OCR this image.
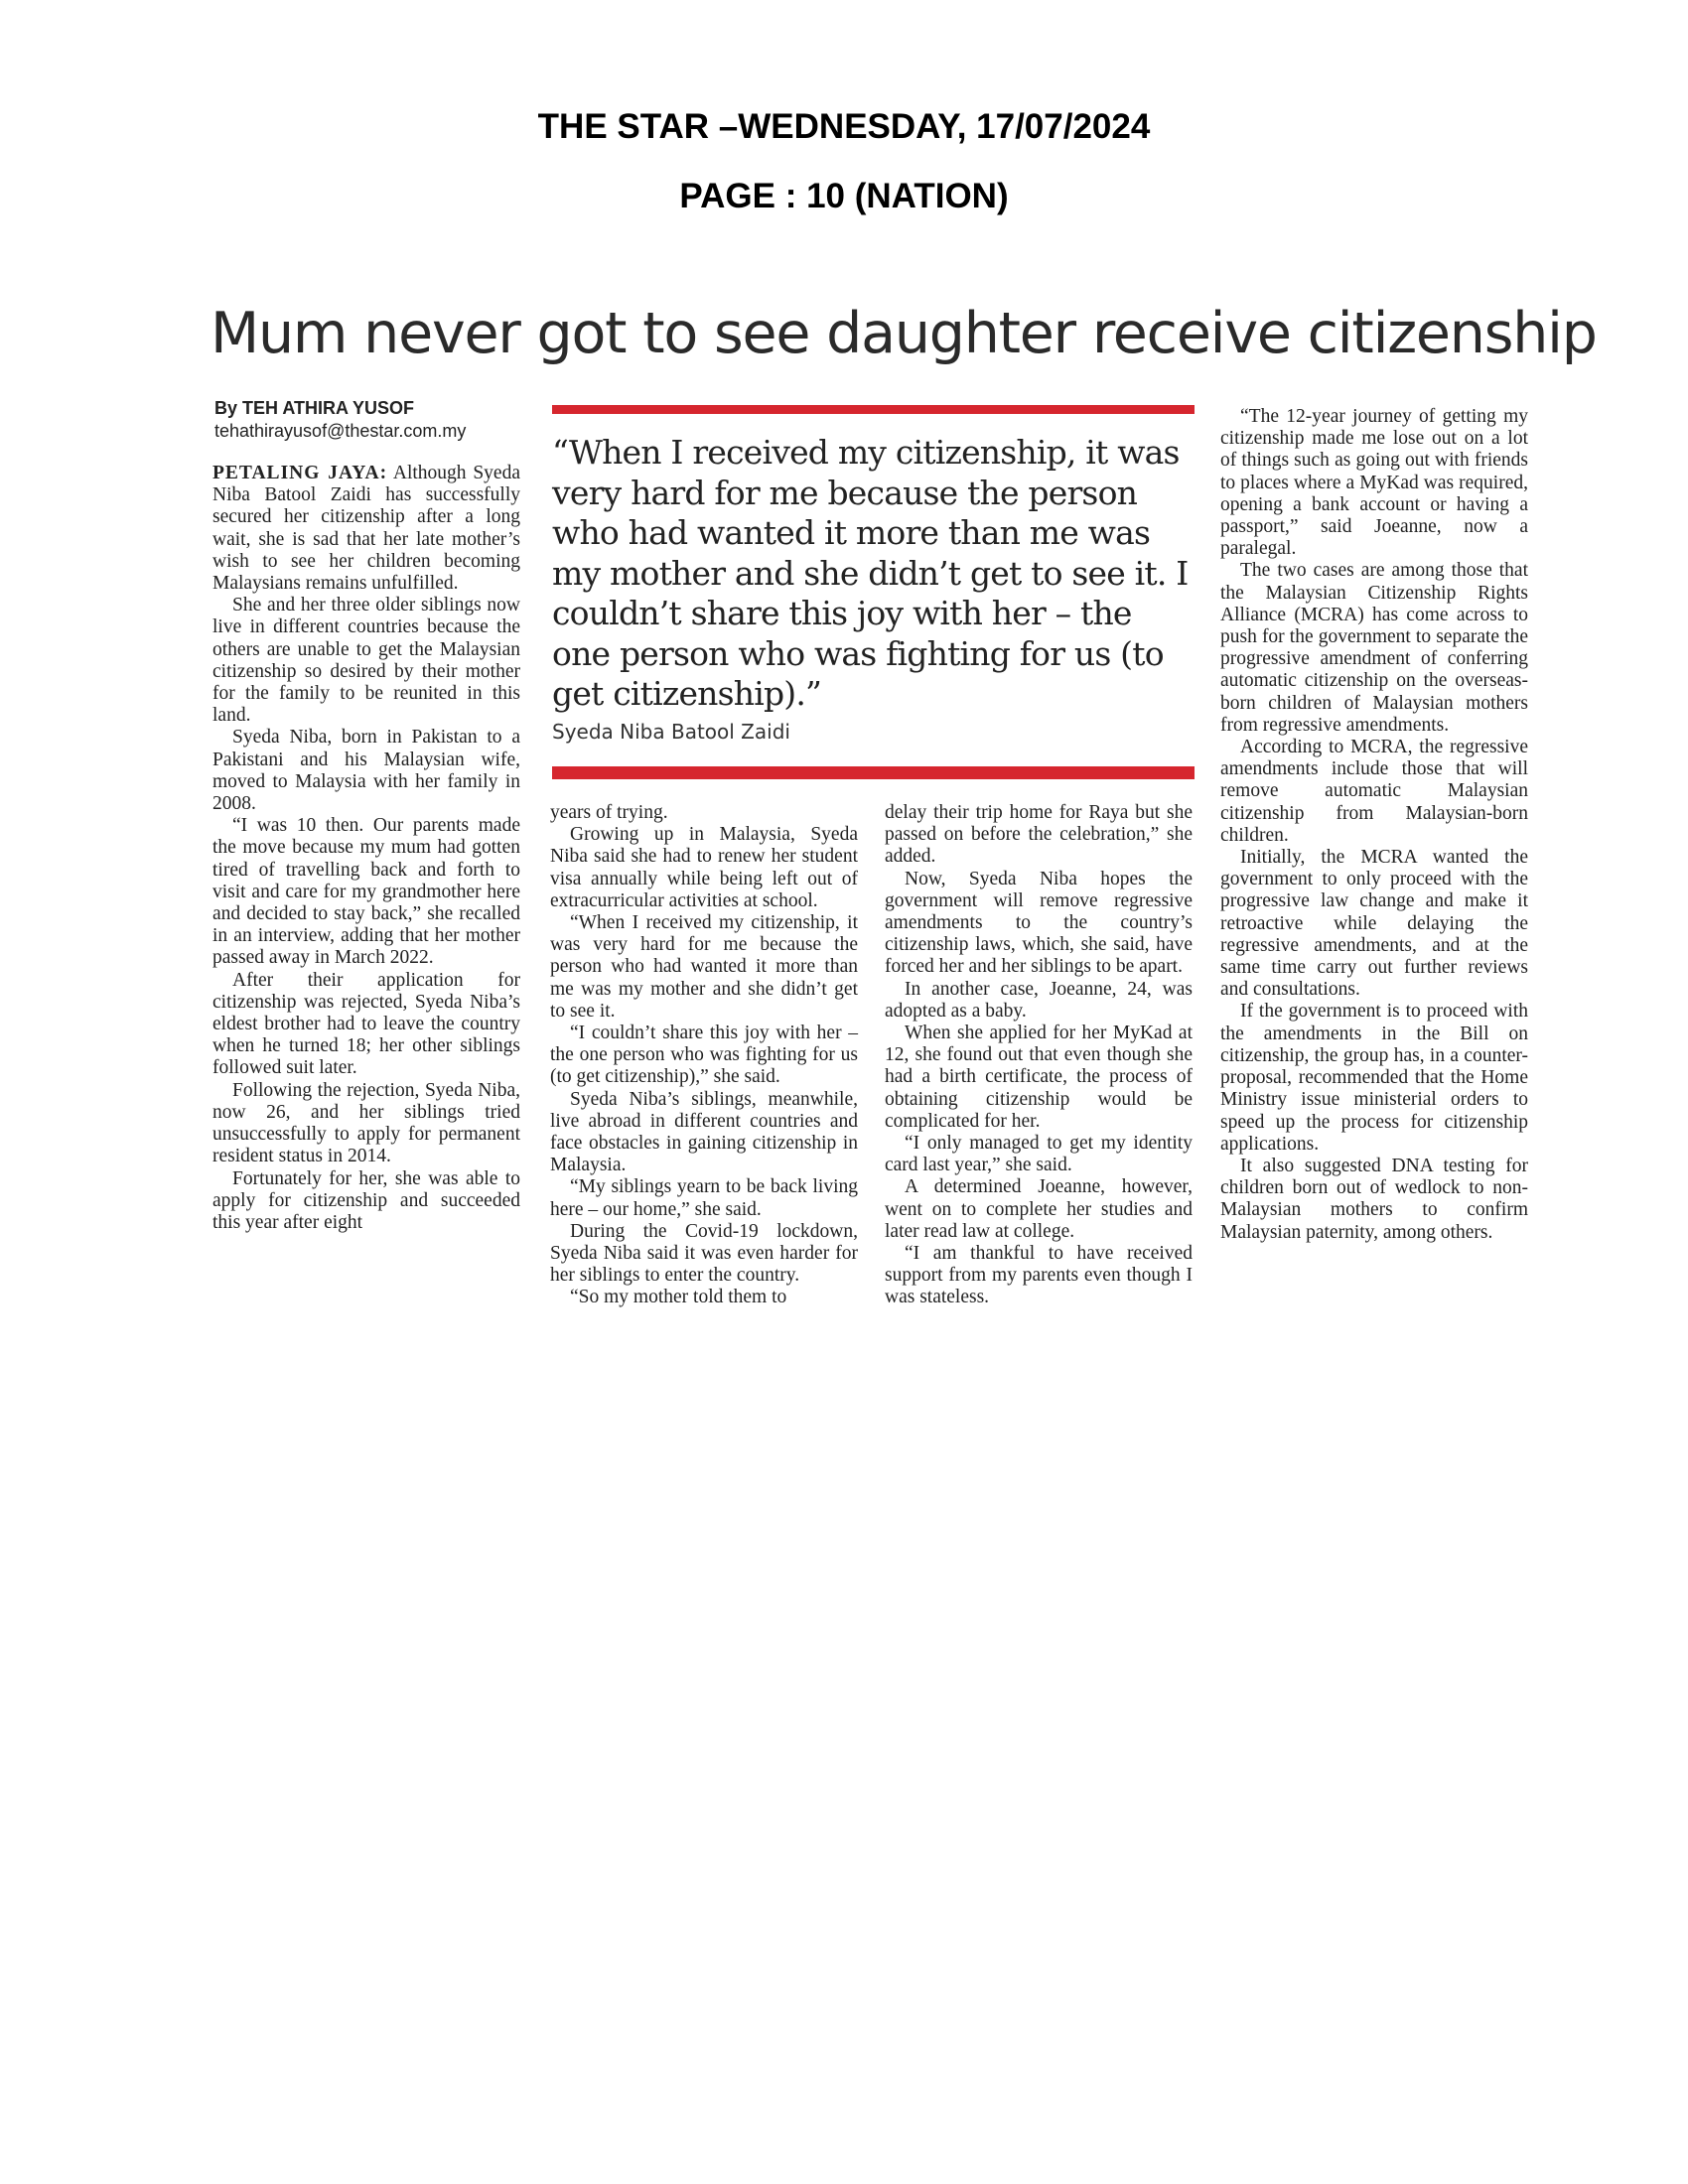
THE STAR –WEDNESDAY, 17/07/2024
PAGE : 10 (NATION)
Mum never got to see daughter receive citizenship
By TEH ATHIRA YUSOF
tehathirayusof@thestar.com.my

PETALING JAYA: Although Syeda Niba Batool Zaidi has successfully secured her citizenship after a long wait, she is sad that her late mother’s wish to see her children becoming Malaysians remains unfulfilled.

She and her three older siblings now live in different countries because the others are unable to get the Malaysian citizenship so desired by their mother for the family to be reunited in this land.

Syeda Niba, born in Pakistan to a Pakistani and his Malaysian wife, moved to Malaysia with her family in 2008.

“I was 10 then. Our parents made the move because my mum had gotten tired of travelling back and forth to visit and care for my grandmother here and decided to stay back,” she recalled in an interview, adding that her mother passed away in March 2022.

After their application for citizenship was rejected, Syeda Niba’s eldest brother had to leave the country when he turned 18; her other siblings followed suit later.

Following the rejection, Syeda Niba, now 26, and her siblings tried unsuccessfully to apply for permanent resident status in 2014.

Fortunately for her, she was able to apply for citizenship and succeeded this year after eight

“When I received my citizenship, it was very hard for me because the person who had wanted it more than me was my mother and she didn’t get to see it. I couldn’t share this joy with her – the one person who was fighting for us (to get citizenship).”
Syeda Niba Batool Zaidi

years of trying.

Growing up in Malaysia, Syeda Niba said she had to renew her student visa annually while being left out of extracurricular activities at school.

“When I received my citizenship, it was very hard for me because the person who had wanted it more than me was my mother and she didn’t get to see it.

“I couldn’t share this joy with her – the one person who was fighting for us (to get citizenship),” she said.

Syeda Niba’s siblings, meanwhile, live abroad in different countries and face obstacles in gaining citizenship in Malaysia.

“My siblings yearn to be back living here – our home,” she said.

During the Covid-19 lockdown, Syeda Niba said it was even harder for her siblings to enter the country.

“So my mother told them to

delay their trip home for Raya but she passed on before the celebration,” she added.

Now, Syeda Niba hopes the government will remove regressive amendments to the country’s citizenship laws, which, she said, have forced her and her siblings to be apart.

In another case, Joeanne, 24, was adopted as a baby.

When she applied for her MyKad at 12, she found out that even though she had a birth certificate, the process of obtaining citizenship would be complicated for her.

“I only managed to get my identity card last year,” she said.

A determined Joeanne, however, went on to complete her studies and later read law at college.

“I am thankful to have received support from my parents even though I was stateless.

“The 12-year journey of getting my citizenship made me lose out on a lot of things such as going out with friends to places where a MyKad was required, opening a bank account or having a passport,” said Joeanne, now a paralegal.

The two cases are among those that the Malaysian Citizenship Rights Alliance (MCRA) has come across to push for the government to separate the progressive amendment of conferring automatic citizenship on the overseas-born children of Malaysian mothers from regressive amendments.

According to MCRA, the regressive amendments include those that will remove automatic Malaysian citizenship from Malaysian-born children.

Initially, the MCRA wanted the government to only proceed with the progressive law change and make it retroactive while delaying the regressive amendments, and at the same time carry out further reviews and consultations.

If the government is to proceed with the amendments in the Bill on citizenship, the group has, in a counter-proposal, recommended that the Home Ministry issue ministerial orders to speed up the process for citizenship applications.

It also suggested DNA testing for children born out of wedlock to non-Malaysian mothers to confirm Malaysian paternity, among others.
